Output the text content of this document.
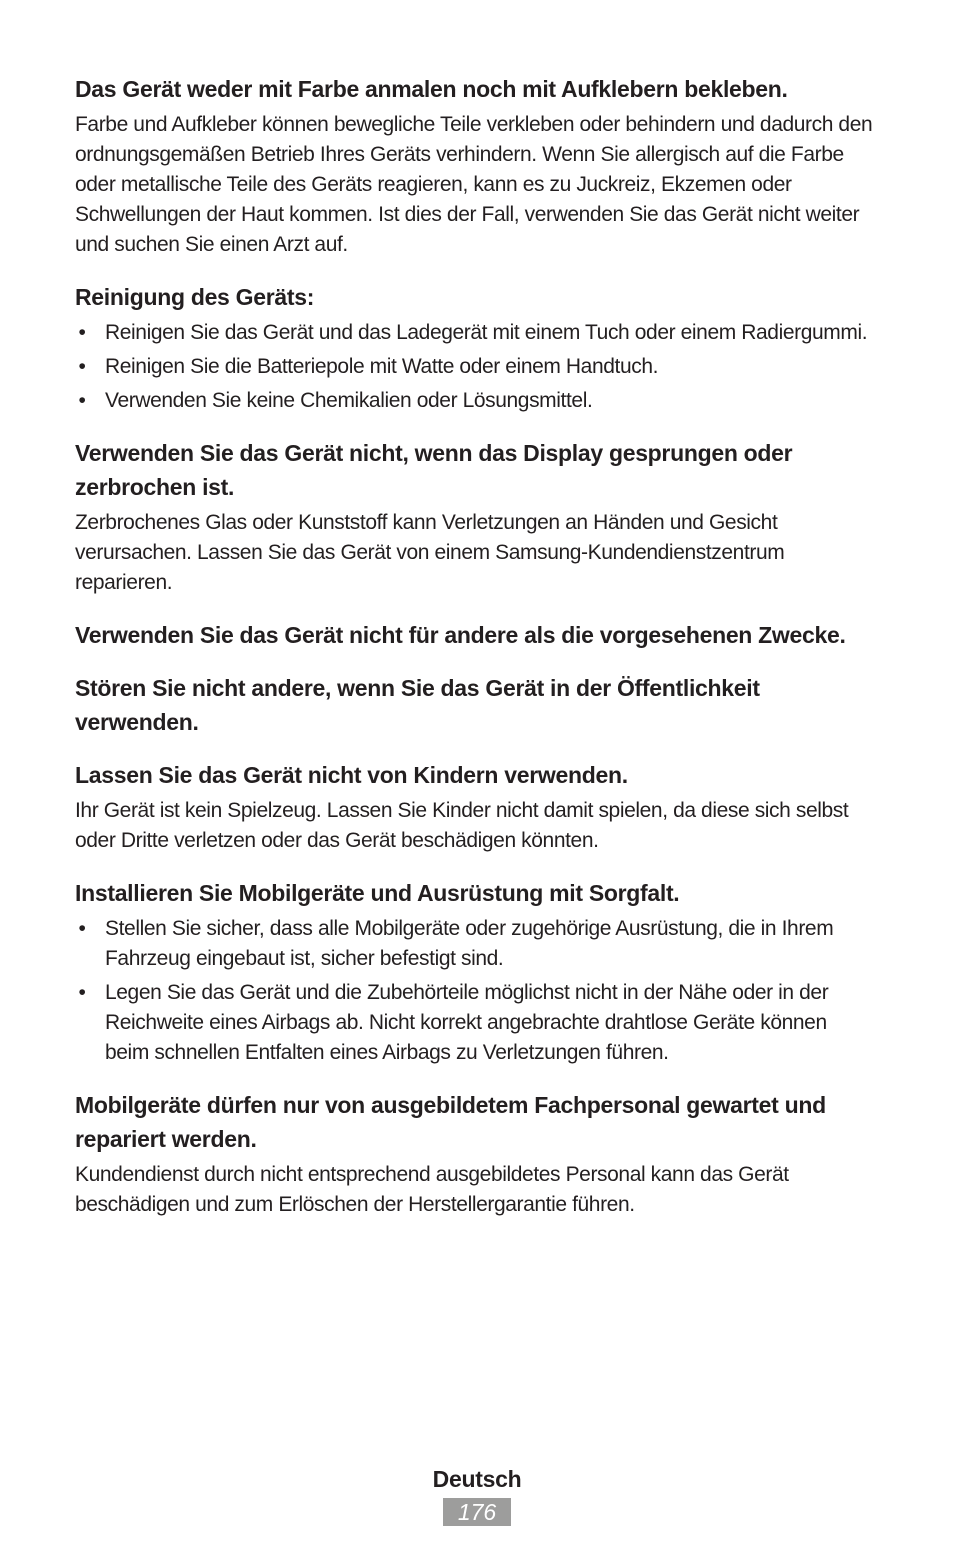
Das Gerät weder mit Farbe anmalen noch mit Aufklebern bekleben.

Farbe und Aufkleber können bewegliche Teile verkleben oder behindern und dadurch den ordnungsgemäßen Betrieb Ihres Geräts verhindern. Wenn Sie allergisch auf die Farbe oder metallische Teile des Geräts reagieren, kann es zu Juckreiz, Ekzemen oder Schwellungen der Haut kommen. Ist dies der Fall, verwenden Sie das Gerät nicht weiter und suchen Sie einen Arzt auf.

Reinigung des Geräts:
• Reinigen Sie das Gerät und das Ladegerät mit einem Tuch oder einem Radiergummi.
• Reinigen Sie die Batteriepole mit Watte oder einem Handtuch.
• Verwenden Sie keine Chemikalien oder Lösungsmittel.
Verwenden Sie das Gerät nicht, wenn das Display gesprungen oder zerbrochen ist.

Zerbrochenes Glas oder Kunststoff kann Verletzungen an Händen und Gesicht verursachen. Lassen Sie das Gerät von einem Samsung-Kundendienstzentrum reparieren.

Verwenden Sie das Gerät nicht für andere als die vorgesehenen Zwecke.
Stören Sie nicht andere, wenn Sie das Gerät in der Öffentlichkeit verwenden.
Lassen Sie das Gerät nicht von Kindern verwenden.

Ihr Gerät ist kein Spielzeug. Lassen Sie Kinder nicht damit spielen, da diese sich selbst oder Dritte verletzen oder das Gerät beschädigen könnten.

Installieren Sie Mobilgeräte und Ausrüstung mit Sorgfalt.
• Stellen Sie sicher, dass alle Mobilgeräte oder zugehörige Ausrüstung, die in Ihrem Fahrzeug eingebaut ist, sicher befestigt sind.
• Legen Sie das Gerät und die Zubehörteile möglichst nicht in der Nähe oder in der Reichweite eines Airbags ab. Nicht korrekt angebrachte drahtlose Geräte können beim schnellen Entfalten eines Airbags zu Verletzungen führen.
Mobilgeräte dürfen nur von ausgebildetem Fachpersonal gewartet und repariert werden.

Kundendienst durch nicht entsprechend ausgebildetes Personal kann das Gerät beschädigen und zum Erlöschen der Herstellergarantie führen.

Deutsch
176
